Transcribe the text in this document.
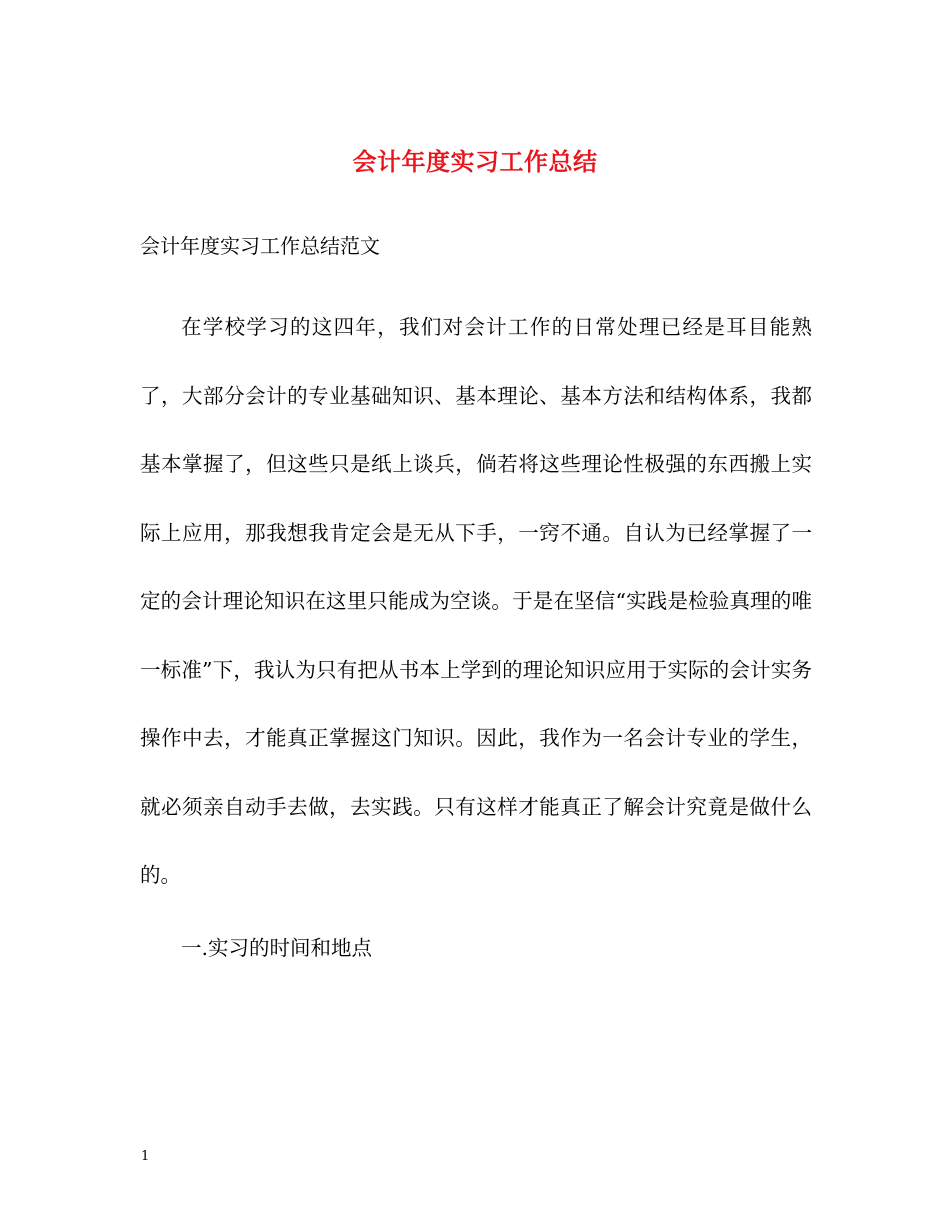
会计年度实习工作总结
会计年度实习工作总结范文

在学校学习的这四年，我们对会计工作的日常处理已经是耳目能熟了，大部分会计的专业基础知识、基本理论、基本方法和结构体系，我都基本掌握了，但这些只是纸上谈兵，倘若将这些理论性极强的东西搬上实际上应用，那我想我肯定会是无从下手，一窍不通。自认为已经掌握了一定的会计理论知识在这里只能成为空谈。于是在坚信“实践是检验真理的唯一标准”下，我认为只有把从书本上学到的理论知识应用于实际的会计实务操作中去，才能真正掌握这门知识。因此，我作为一名会计专业的学生，就必须亲自动手去做，去实践。只有这样才能真正了解会计究竟是做什么的。

一.实习的时间和地点

1
